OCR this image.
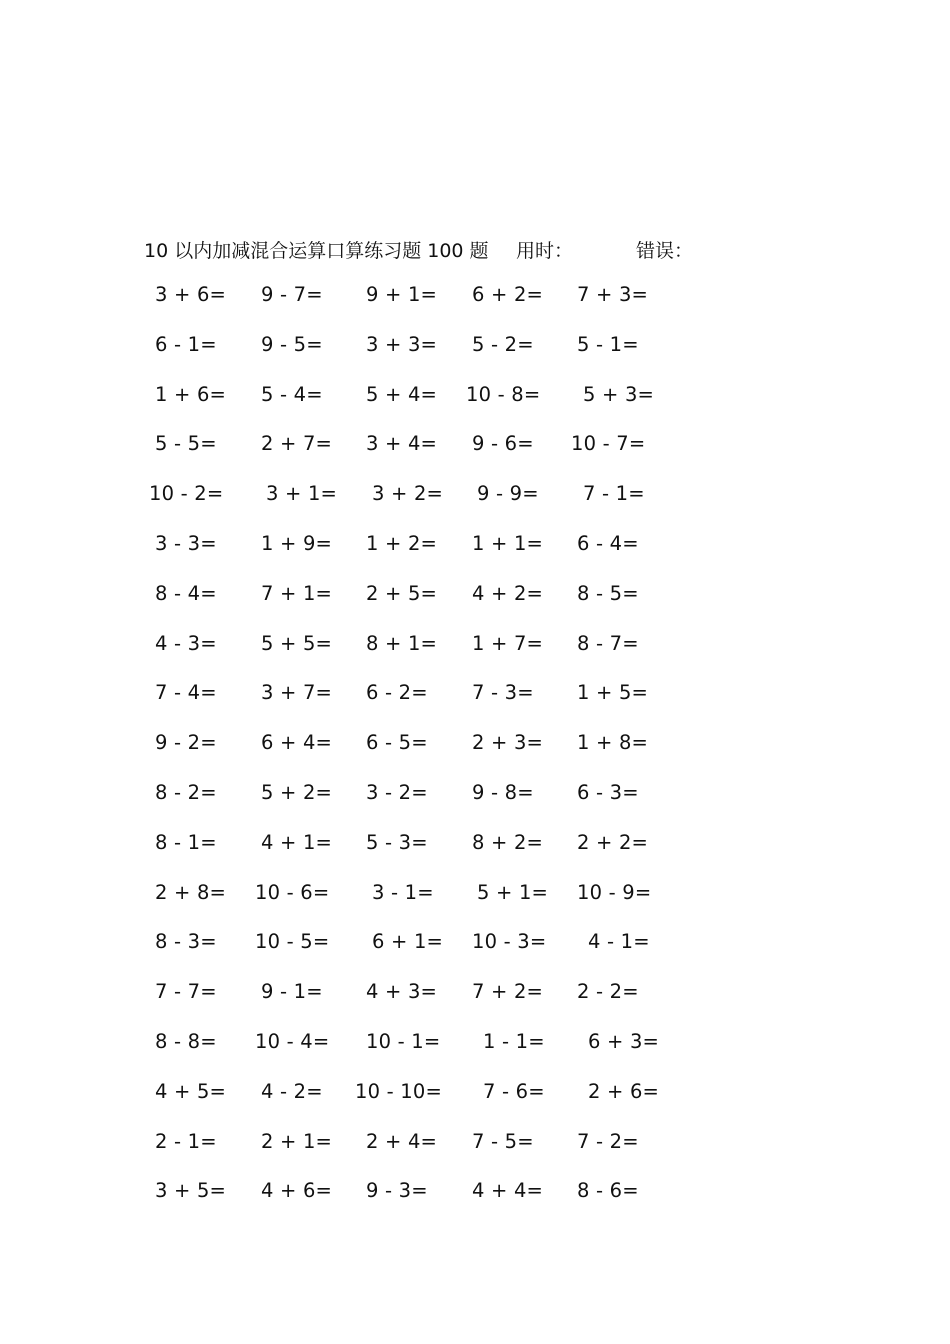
10 以内加减混合运算口算练习题 100 题 用时：	错误：
3 + 6= 9 - 7= 9 + 1= 6 + 2= 7 + 3=
6 - 1= 9 - 5= 3 + 3= 5 - 2= 5 - 1=
1 + 6= 5 - 4= 5 + 4= 10 - 8= 5 + 3=
5 - 5= 2 + 7= 3 + 4= 9 - 6= 10 - 7=
10 - 2= 3 + 1= 3 + 2= 9 - 9= 7 - 1=
3 - 3= 1 + 9= 1 + 2= 1 + 1= 6 - 4=
8 - 4= 7 + 1= 2 + 5= 4 + 2= 8 - 5=
4 - 3= 5 + 5= 8 + 1= 1 + 7= 8 - 7=
7 - 4= 3 + 7= 6 - 2= 7 - 3= 1 + 5=
9 - 2= 6 + 4= 6 - 5= 2 + 3= 1 + 8=
8 - 2= 5 + 2= 3 - 2= 9 - 8= 6 - 3=
8 - 1= 4 + 1= 5 - 3= 8 + 2= 2 + 2=
2 + 8= 10 - 6= 3 - 1= 5 + 1= 10 - 9=
8 - 3= 10 - 5= 6 + 1= 10 - 3= 4 - 1=
7 - 7= 9 - 1= 4 + 3= 7 + 2= 2 - 2=
8 - 8= 10 - 4= 10 - 1= 1 - 1= 6 + 3=
4 + 5= 4 - 2= 10 - 10= 7 - 6= 2 + 6=
2 - 1= 2 + 1= 2 + 4= 7 - 5= 7 - 2=
3 + 5= 4 + 6= 9 - 3= 4 + 4= 8 - 6=
